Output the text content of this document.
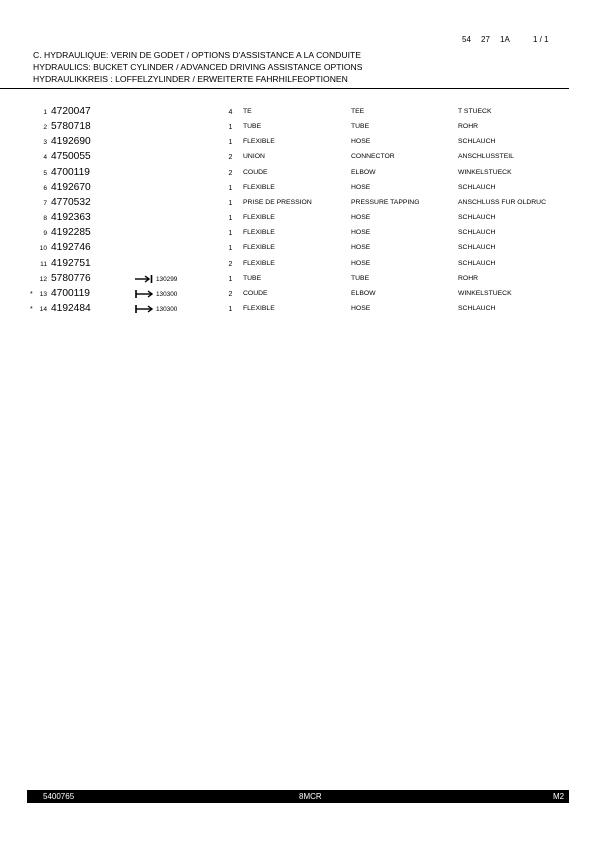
54 27 1A	1 / 1
C. HYDRAULIQUE: VERIN DE GODET / OPTIONS D'ASSISTANCE A LA CONDUITE
HYDRAULICS: BUCKET CYLINDER / ADVANCED DRIVING ASSISTANCE OPTIONS
HYDRAULIKKREIS : LOFFELZYLINDER / ERWEITERTE FAHRHILFEOPTIONEN
1 4720047	4	TE	TEE	T STUECK
2 5780718	1	TUBE	TUBE	ROHR
3 4192690	1	FLEXIBLE	HOSE	SCHLAUCH
4 4750055	2	UNION	CONNECTOR	ANSCHLUSSTEIL
5 4700119	2	COUDE	ELBOW	WINKELSTUECK
6 4192670	1	FLEXIBLE	HOSE	SCHLAUCH
7 4770532	1	PRISE DE PRESSION	PRESSURE TAPPING	ANSCHLUSS FUR OLDRUC
8 4192363	1	FLEXIBLE	HOSE	SCHLAUCH
9 4192285	1	FLEXIBLE	HOSE	SCHLAUCH
10 4192746	1	FLEXIBLE	HOSE	SCHLAUCH
11 4192751	2	FLEXIBLE	HOSE	SCHLAUCH
12 5780776	130299	1	TUBE	TUBE	ROHR
*	13 4700119	130300	2	COUDE	ELBOW	WINKELSTUECK
*	14 4192484	130300	1	FLEXIBLE	HOSE	SCHLAUCH
5400765	8MCR	M2
